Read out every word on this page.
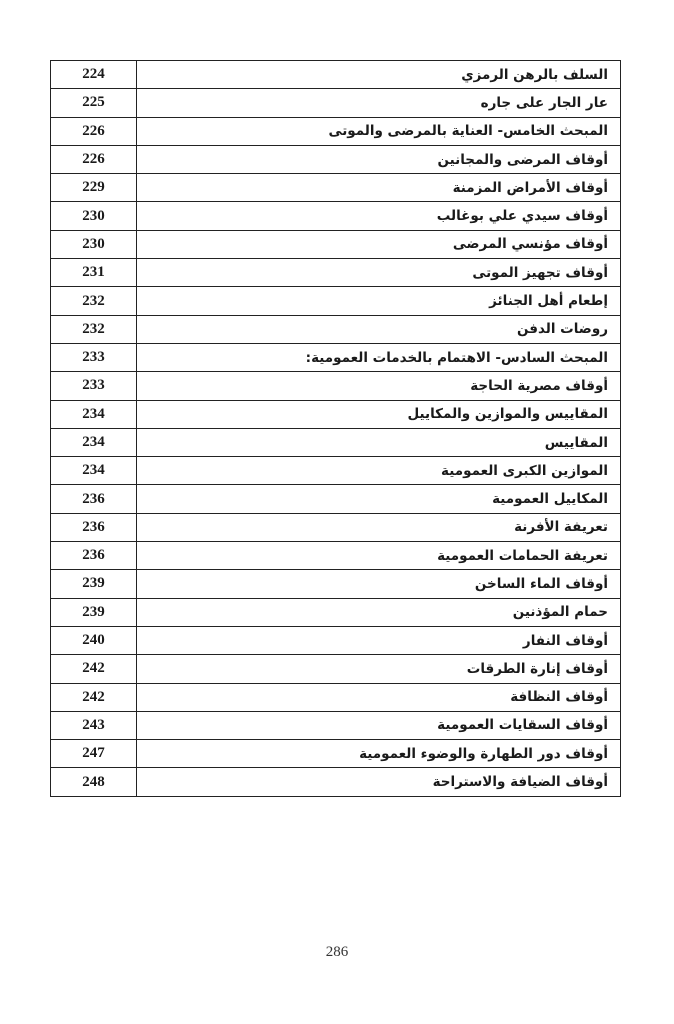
224	السلف بالرهن الرمزي
225	عار الجار على جاره
226	المبحث الخامس- العناية بالمرضى والموتى
226	أوقاف المرضى والمجانين
229	أوقاف الأمراض المزمنة
230	أوقاف سيدي علي بوغالب
230	أوقاف مؤنسي المرضى
231	أوقاف تجهيز الموتى
232	إطعام أهل الجنائز
232	روضات الدفن
233	المبحث السادس- الاهتمام بالخدمات العمومية:
233	أوقاف مصرية الحاجة
234	المقاييس والموازين والمكاييل
234	المقاييس
234	الموازين الكبرى العمومية
236	المكاييل العمومية
236	تعريفة الأفرنة
236	تعريفة الحمامات العمومية
239	أوقاف الماء الساخن
239	حمام المؤذنين
240	أوقاف النفار
242	أوقاف إنارة الطرقات
242	أوقاف النظافة
243	أوقاف السقايات العمومية
247	أوقاف دور الطهارة والوضوء العمومية
248	أوقاف الضيافة والاستراحة
286
